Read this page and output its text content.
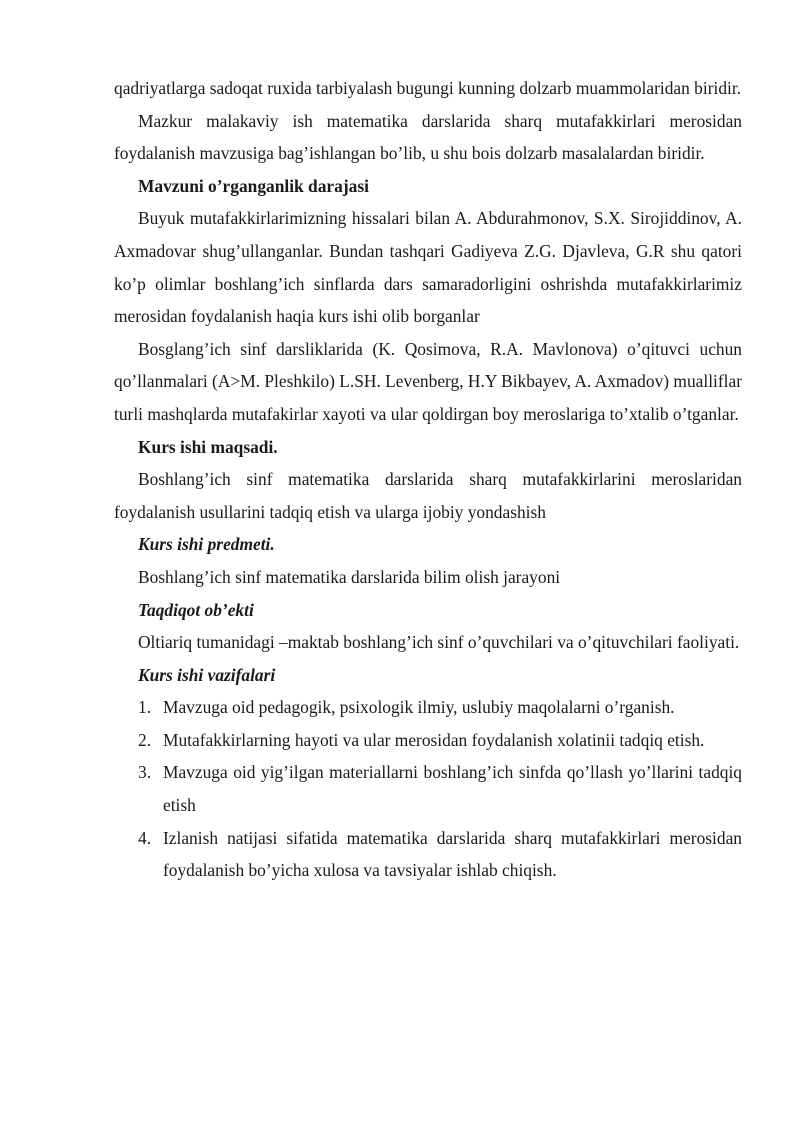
qadriyatlarga sadoqat ruxida tarbiyalash bugungi kunning dolzarb muammolaridan biridir.

Mazkur malakaviy ish matematika darslarida sharq mutafakkirlari merosidan foydalanish mavzusiga bag’ishlangan bo’lib, u shu bois dolzarb masalalardan biridir.

Mavzuni o’rganganlik darajasi

Buyuk mutafakkirlarimizning hissalari bilan A. Abdurahmonov, S.X. Sirojiddinov, A. Axmadovar shug’ullanganlar. Bundan tashqari Gadiyeva Z.G. Djavleva, G.R shu qatori ko’p olimlar boshlang’ich sinflarda dars samaradorligini oshrishda mutafakkirlarimiz merosidan foydalanish haqia kurs ishi olib borganlar

Bosglang’ich sinf darsliklarida (K. Qosimova, R.A. Mavlonova) o’qituvci uchun qo’llanmalari (A>M. Pleshkilo) L.SH. Levenberg, H.Y Bikbayev, A. Axmadov) mualliflar turli mashqlarda mutafakirlar xayoti va ular qoldirgan boy meroslariga to’xtalib o’tganlar.

Kurs ishi maqsadi.

Boshlang’ich sinf matematika darslarida sharq mutafakkirlarini meroslaridan foydalanish usullarini tadqiq etish va ularga ijobiy yondashish

Kurs ishi predmeti.

Boshlang’ich sinf matematika darslarida bilim olish jarayoni

Taqdiqot ob’ekti

Oltiariq tumanidagi –maktab boshlang’ich sinf o’quvchilari va o’qituvchilari faoliyati.

Kurs ishi vazifalari

1. Mavzuga oid pedagogik, psixologik ilmiy, uslubiy maqolalarni o’rganish.
2. Mutafakkirlarning hayoti va ular merosidan foydalanish xolatinii tadqiq etish.
3. Mavzuga oid yig’ilgan materiallarni boshlang’ich sinfda qo’llash yo’llarini tadqiq etish
4. Izlanish natijasi sifatida matematika darslarida sharq mutafakkirlari merosidan foydalanish bo’yicha xulosa va tavsiyalar ishlab chiqish.
